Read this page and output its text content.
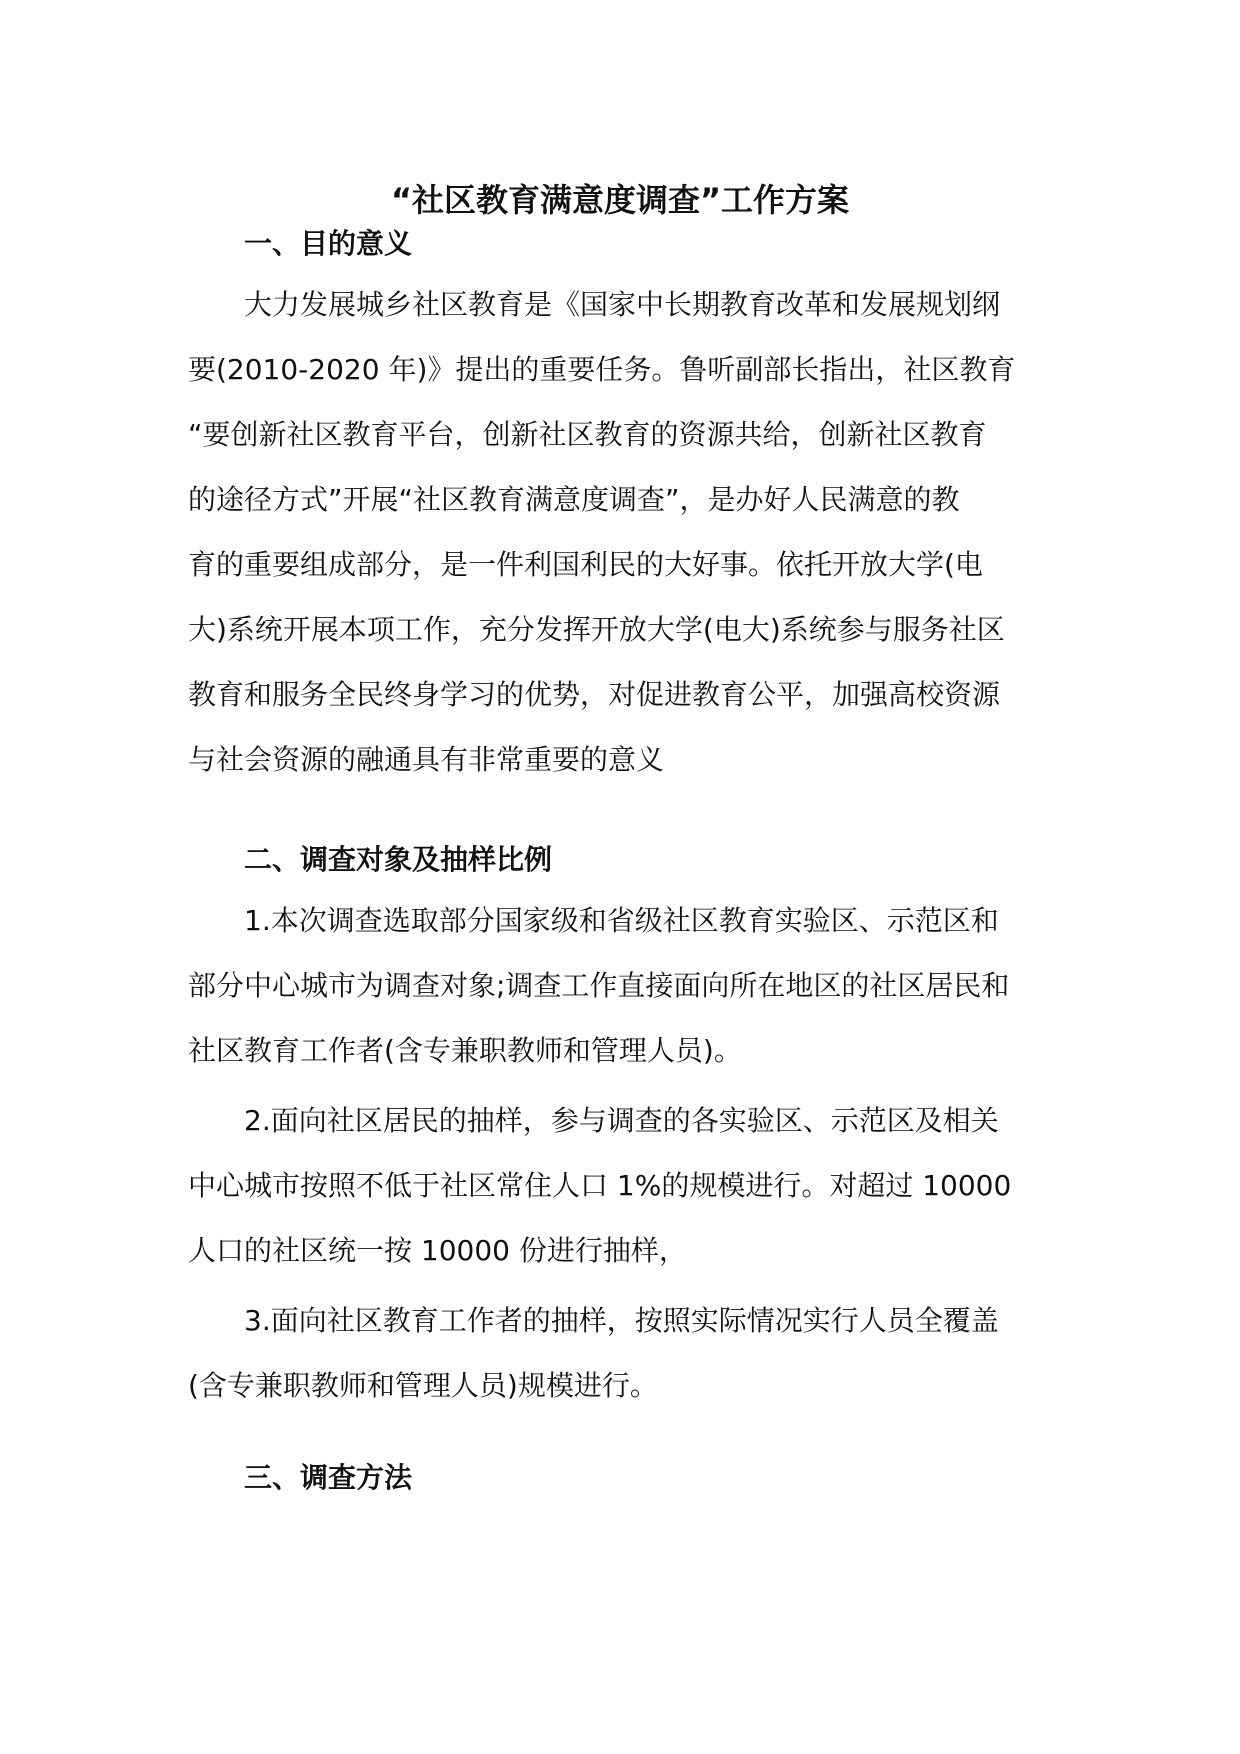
“社区教育满意度调查”工作方案
一、目的意义
大力发展城乡社区教育是《国家中长期教育改革和发展规划纲
要(2010-2020 年)》提出的重要任务。鲁听副部长指出，社区教育
“要创新社区教育平台，创新社区教育的资源共给，创新社区教育
的途径方式”开展“社区教育满意度调查”，是办好人民满意的教
育的重要组成部分，是一件利国利民的大好事。依托开放大学(电
大)系统开展本项工作，充分发挥开放大学(电大)系统参与服务社区
教育和服务全民终身学习的优势，对促进教育公平，加强高校资源
与社会资源的融通具有非常重要的意义
二、调查对象及抽样比例
1.本次调查选取部分国家级和省级社区教育实验区、示范区和
部分中心城市为调查对象;调查工作直接面向所在地区的社区居民和
社区教育工作者(含专兼职教师和管理人员)。
2.面向社区居民的抽样，参与调查的各实验区、示范区及相关
中心城市按照不低于社区常住人口 1%的规模进行。对超过 10000
人口的社区统一按 10000 份进行抽样，
3.面向社区教育工作者的抽样，按照实际情况实行人员全覆盖
(含专兼职教师和管理人员)规模进行。
三、调查方法
